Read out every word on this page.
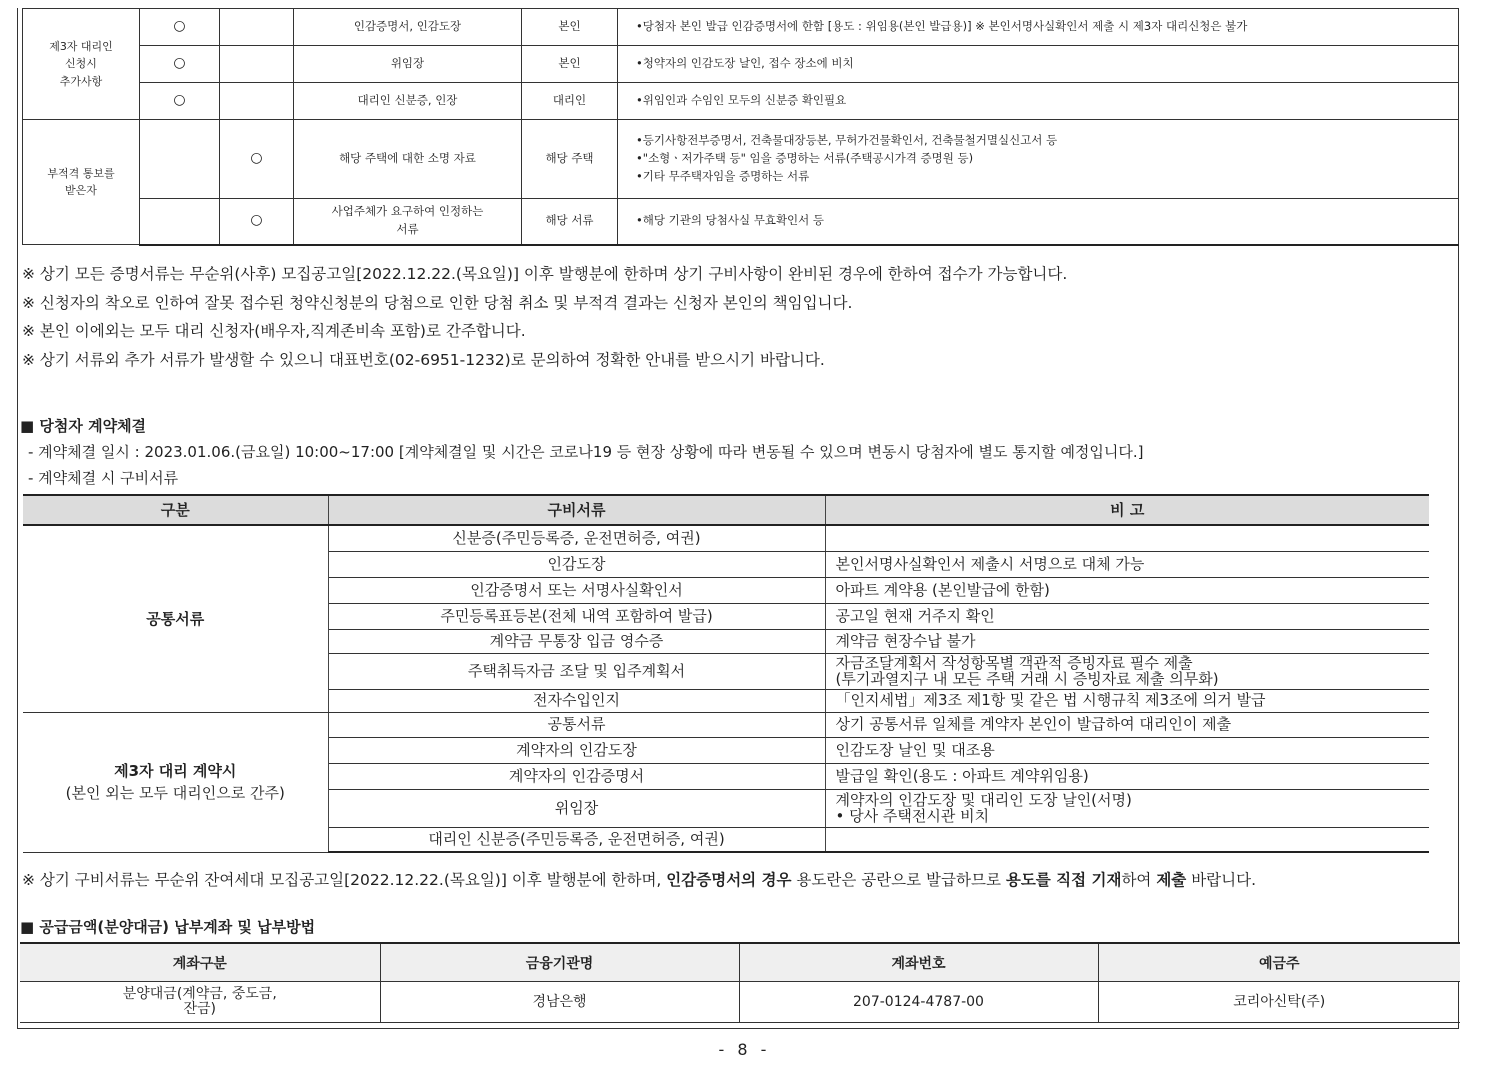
제3자 대리인
신청시
추가사항	○		인감증명서, 인감도장	본인	•당첨자 본인 발급 인감증명서에 한함 [용도 : 위임용(본인 발급용)] ※ 본인서명사실확인서 제출 시 제3자 대리신청은 불가
	○		위임장	본인	•청약자의 인감도장 날인, 접수 장소에 비치
	○		대리인 신분증, 인장	대리인	•위임인과 수임인 모두의 신분증 확인필요
부적격 통보를
받은자		○	해당 주택에 대한 소명 자료	해당 주택	•등기사항전부증명서, 건축물대장등본, 무허가건물확인서, 건축물철거멸실신고서 등
•"소형ㆍ저가주택 등" 임을 증명하는 서류(주택공시가격 증명원 등)
•기타 무주택자임을 증명하는 서류
		○	사업주체가 요구하여 인정하는
서류	해당 서류	•해당 기관의 당첨사실 무효확인서 등
※ 상기 모든 증명서류는 무순위(사후) 모집공고일[2022.12.22.(목요일)] 이후 발행분에 한하며 상기 구비사항이 완비된 경우에 한하여 접수가 가능합니다.
※ 신청자의 착오로 인하여 잘못 접수된 청약신청분의 당첨으로 인한 당첨 취소 및 부적격 결과는 신청자 본인의 책임입니다.
※ 본인 이에외는 모두 대리 신청자(배우자,직계존비속 포함)로 간주합니다.
※ 상기 서류외 추가 서류가 발생할 수 있으니 대표번호(02-6951-1232)로 문의하여 정확한 안내를 받으시기 바랍니다.
■ 당첨자 계약체결
- 계약체결 일시 : 2023.01.06.(금요일) 10:00~17:00 [계약체결일 및 시간은 코로나19 등 현장 상황에 따라 변동될 수 있으며 변동시 당첨자에 별도 통지할 예정입니다.]
- 계약체결 시 구비서류
구분	구비서류	비 고
공통서류	신분증(주민등록증, 운전면허증, 여권)	
	인감도장	본인서명사실확인서 제출시 서명으로 대체 가능
	인감증명서 또는 서명사실확인서	아파트 계약용 (본인발급에 한함)
	주민등록표등본(전체 내역 포함하여 발급)	공고일 현재 거주지 확인
	계약금 무통장 입금 영수증	계약금 현장수납 불가
	주택취득자금 조달 및 입주계획서	자금조달계획서 작성항목별 객관적 증빙자료 필수 제출
(투기과열지구 내 모든 주택 거래 시 증빙자료 제출 의무화)
	전자수입인지	「인지세법」제3조 제1항 및 같은 법 시행규칙 제3조에 의거 발급

제3자 대리 계약시
(본인 외는 모두 대리인으로 간주)	공통서류	상기 공통서류 일체를 계약자 본인이 발급하여 대리인이 제출
	계약자의 인감도장	인감도장 날인 및 대조용
	계약자의 인감증명서	발급일 확인(용도 : 아파트 계약위임용)
	위임장	계약자의 인감도장 및 대리인 도장 날인(서명)
• 당사 주택전시관 비치
	대리인 신분증(주민등록증, 운전면허증, 여권)	
※ 상기 구비서류는 무순위 잔여세대 모집공고일[2022.12.22.(목요일)] 이후 발행분에 한하며, 인감증명서의 경우 용도란은 공란으로 발급하므로 용도를 직접 기재하여 제출 바랍니다.
■ 공급금액(분양대금) 납부계좌 및 납부방법
계좌구분	금융기관명	계좌번호	예금주
분양대금(계약금, 중도금,
잔금)	경남은행	207-0124-4787-00	코리아신탁(주)
- 8 -
